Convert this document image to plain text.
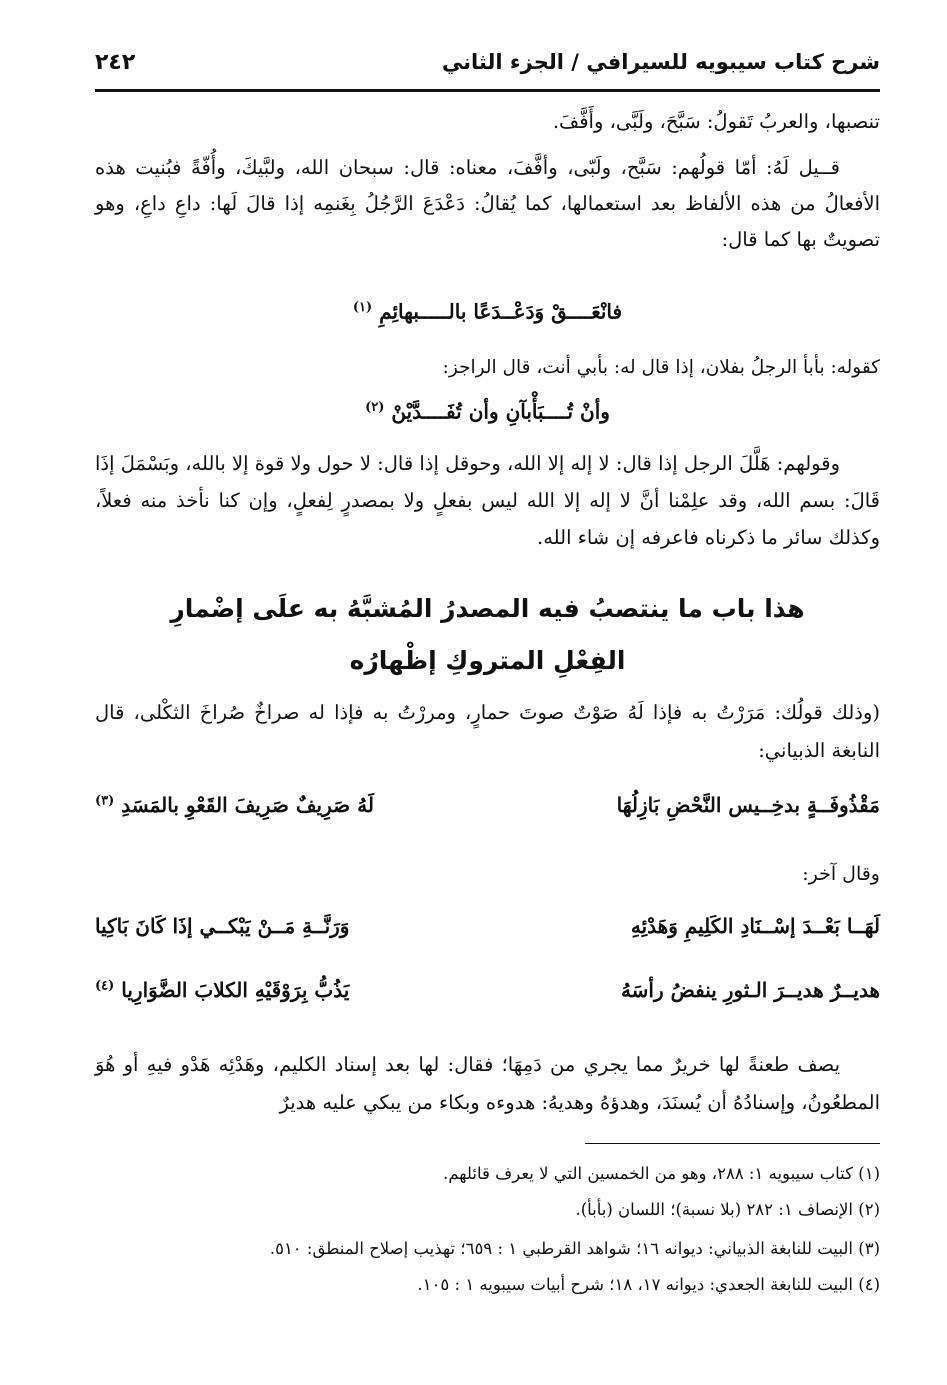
شرح كتاب سيبويه للسيرافي / الجزء الثاني
٢٤٢
تنصبها، والعربُ تَقولُ: سَبَّحَ، ولَبَّى، وأَفَّفَ.
قــيل لَهُ: أمّا قولُهم: سَبَّح، ولَبّى، وأفَّفَ، معناه: قال: سبحان الله، ولبَّيكَ، وأُفّةً فبُنيت هذه الأفعالُ من هذه الألفاظ بعد استعمالها، كما يُقالُ: دَعْدَعَ الرَّجُلُ بِغَنمِه إذا قالَ لَها: داعِ داعِ، وهو تصويتٌ بها كما قال:
فانْعَــــقْ وَدَعْــدَعًا بالـــــبهائِمِ $^{(١)}$
كقوله: بأبأ الرجلُ بفلان، إذا قال له: بأبي أنت، قال الراجز:
وأنْ تُــــبَأْبآنِ وأن تُفَــــدَّيْنْ $^{(٢)}$
وقولهم: هَلَّلَ الرجل إذا قال: لا إله إلا الله، وحوقل إذا قال: لا حول ولا قوة إلا بالله، وبَسْمَلَ إذَا قَالَ: بسم الله، وقد علِمْنا أنَّ لا إله إلا الله ليس بفعلٍ ولا بمصدرٍ لِفعلٍ، وإن كنا نأخذ منه فعلاً، وكذلك سائر ما ذكرناه فاعرفه إن شاء الله.
هذا باب ما ينتصبُ فيه المصدرُ المُشبَّهُ به علَى إضْمارِ
الفِعْلِ المتروكِ إظْهارُه
(وذلك قولُك: مَرَرْتُ به فإذا لَهُ صَوْتٌ صوتَ حمارٍ، ومررْتُ به فإذا له صراخٌ صُراخَ الثكْلى، قال النابغة الذبياني:
مَقْذُوفَــةٍ بدخِــيس النَّحْضِ بَازِلُهَا
لَهُ صَرِيفٌ صَرِيفَ القَعْوِ بالمَسَدِ $^{(٣)}$
وقال آخر:
لَهَــا بَعْــدَ إسْــنَادِ الكَلِيمِ وَهَدْئِهِ
وَرَنَّــةِ مَــنْ يَبْكــي إذَا كَانَ بَاكِيا
هديــرٌ هديــرَ الـثورِ ينفضُ رأسَهُ
يَذُبُّ بِرَوْقَيْهِ الكلابَ الضَّوَارِيا $^{(٤)}$
يصف طعنةً لها خريرٌ مما يجري من دَمِهَا؛ فقال: لها بعد إسناد الكليم، وهَدْئِه هَدْو فيهِ أو هُوَ المطعُونُ، وإسنادُهُ أن يُسنَدَ، وهدؤهُ وهديهُ: هدوءه وبكاء من يبكي عليه هديرٌ
(١) كتاب سيبويه ١: ٢٨٨، وهو من الخمسين التي لا يعرف قائلهم.
(٢) الإنصاف ١: ٢٨٢ (بلا نسبة)؛ اللسان (بأبأ).
(٣) البيت للنابغة الذبياني: ديوانه ١٦؛ شواهد القرطبي ١ : ٦٥٩؛ تهذيب إصلاح المنطق: ٥١٠.
(٤) البيت للنابغة الجعدي: ديوانه ١٧، ١٨؛ شرح أبيات سيبويه ١ : ١٠٥.
